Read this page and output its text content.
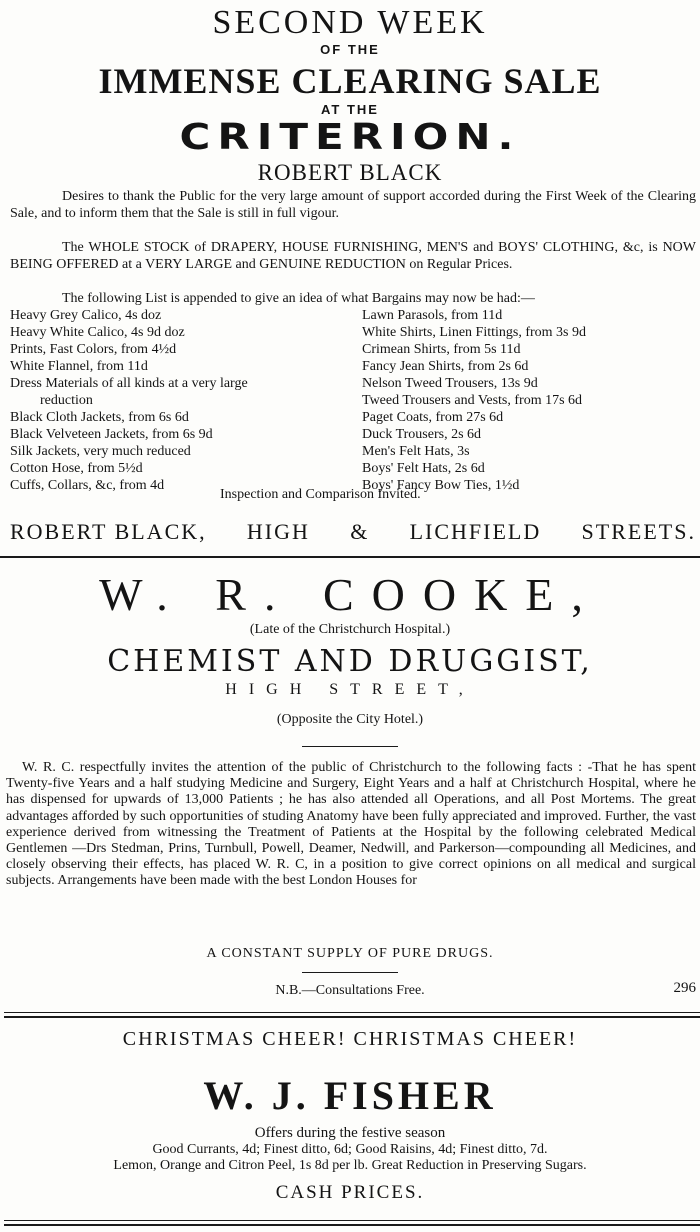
SECOND WEEK
OF THE
IMMENSE CLEARING SALE
AT THE
CRITERION.
ROBERT BLACK
Desires to thank the Public for the very large amount of support accorded during the First Week of the Clearing Sale, and to inform them that the Sale is still in full vigour.
The WHOLE STOCK of DRAPERY, HOUSE FURNISHING, MEN'S and BOYS' CLOTHING, &c, is NOW BEING OFFERED at a VERY LARGE and GENUINE REDUCTION on Regular Prices.
The following List is appended to give an idea of what Bargains may now be had:—
Heavy Grey Calico, 4s doz
Heavy White Calico, 4s 9d doz
Prints, Fast Colors, from 4½d
White Flannel, from 11d
Dress Materials of all kinds at a very large
reduction
Black Cloth Jackets, from 6s 6d
Black Velveteen Jackets, from 6s 9d
Silk Jackets, very much reduced
Cotton Hose, from 5½d
Cuffs, Collars, &c, from 4d
Lawn Parasols, from 11d
White Shirts, Linen Fittings, from 3s 9d
Crimean Shirts, from 5s 11d
Fancy Jean Shirts, from 2s 6d
Nelson Tweed Trousers, 13s 9d
Tweed Trousers and Vests, from 17s 6d
Paget Coats, from 27s 6d
Duck Trousers, 2s 6d
Men's Felt Hats, 3s
Boys' Felt Hats, 2s 6d
Boys' Fancy Bow Ties, 1½d
Inspection and Comparison Invited.
ROBERT BLACK, HIGH & LICHFIELD STREETS.
W. R. COOKE,
(Late of the Christchurch Hospital.)
CHEMIST AND DRUGGIST,
HIGH STREET,
(Opposite the City Hotel.)
W. R. C. respectfully invites the attention of the public of Christchurch to the following facts : -That he has spent Twenty-five Years and a half studying Medicine and Surgery, Eight Years and a half at Christchurch Hospital, where he has dispensed for upwards of 13,000 Patients ; he has also attended all Operations, and all Post Mortems. The great advantages afforded by such opportunities of studing Anatomy have been fully appreciated and improved. Further, the vast experience derived from witnessing the Treatment of Patients at the Hospital by the following celebrated Medical Gentlemen —Drs Stedman, Prins, Turnbull, Powell, Deamer, Nedwill, and Parkerson—compounding all Medicines, and closely observing their effects, has placed W. R. C, in a position to give correct opinions on all medical and surgical subjects. Arrangements have been made with the best London Houses for
A CONSTANT SUPPLY OF PURE DRUGS.
N.B.—Consultations Free.	296
CHRISTMAS CHEER! CHRISTMAS CHEER!
W. J. FISHER
Offers during the festive season
Good Currants, 4d; Finest ditto, 6d; Good Raisins, 4d; Finest ditto, 7d.
Lemon, Orange and Citron Peel, 1s 8d per lb. Great Reduction in Preserving Sugars.
CASH PRICES.
